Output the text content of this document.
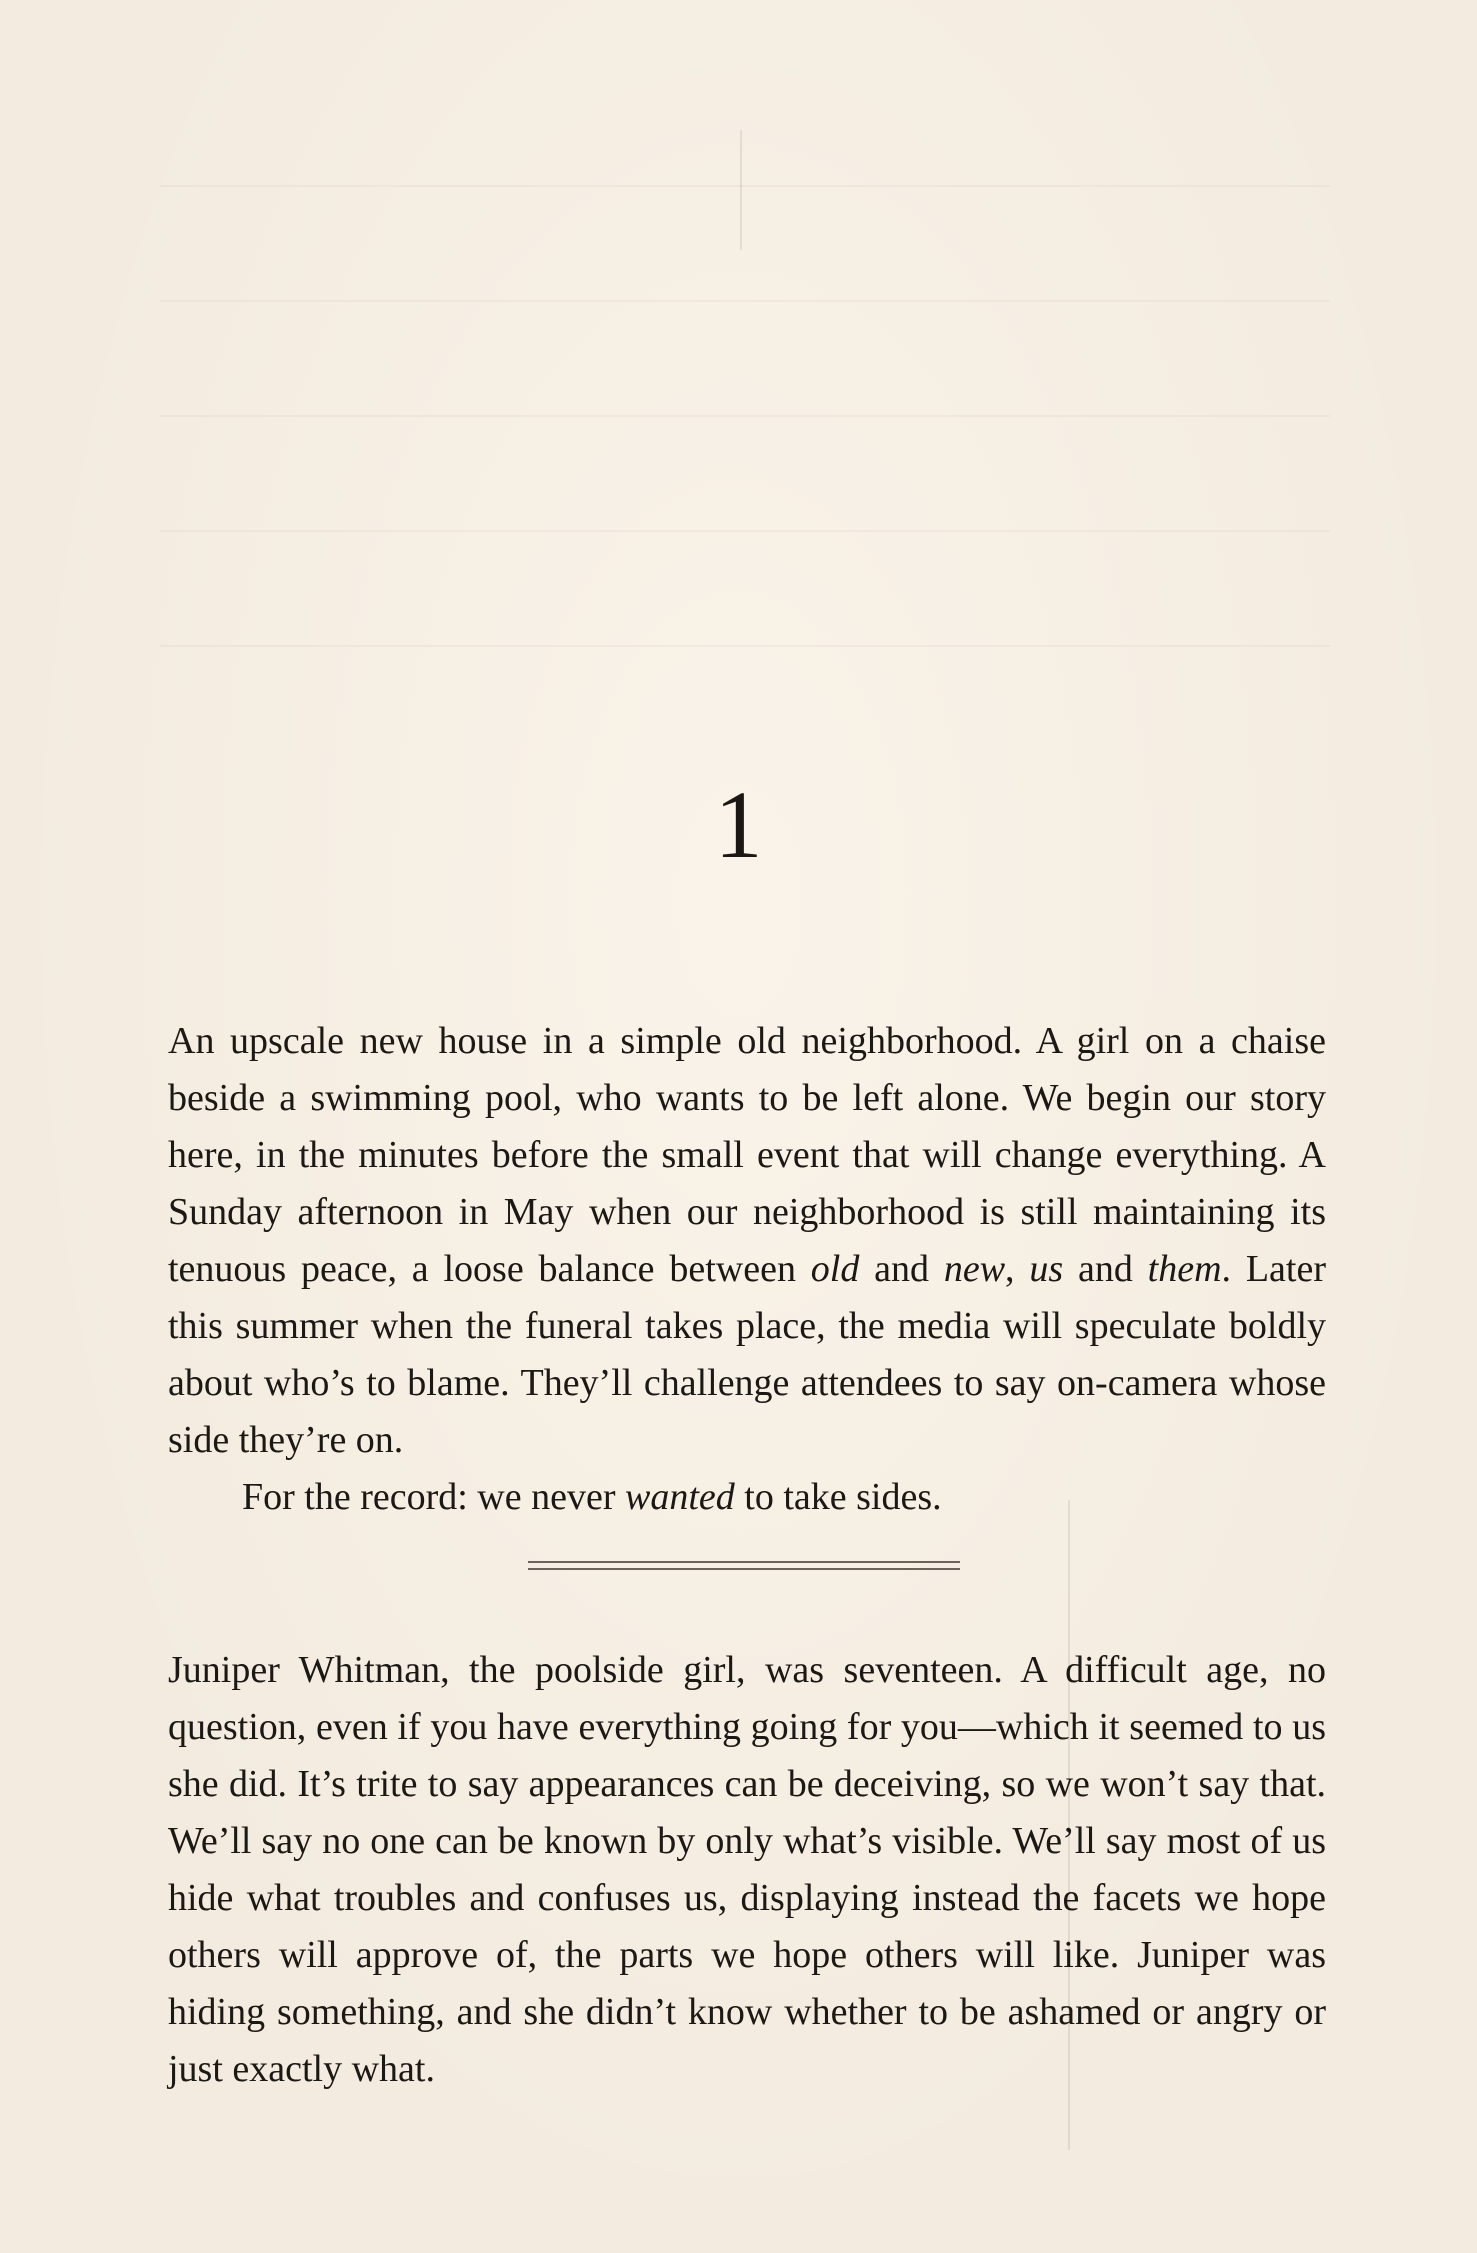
1

An upscale new house in a simple old neighborhood. A girl on a chaise beside a swimming pool, who wants to be left alone. We begin our story here, in the minutes before the small event that will change everything. A Sunday afternoon in May when our neighborhood is still maintaining its tenuous peace, a loose balance between old and new, us and them. Later this summer when the funeral takes place, the media will speculate boldly about who’s to blame. They’ll challenge attendees to say on-camera whose side they’re on.

For the record: we never wanted to take sides.

Juniper Whitman, the poolside girl, was seventeen. A difficult age, no question, even if you have everything going for you—which it seemed to us she did. It’s trite to say appearances can be deceiving, so we won’t say that. We’ll say no one can be known by only what’s visible. We’ll say most of us hide what troubles and confuses us, displaying instead the facets we hope others will approve of, the parts we hope others will like. Juniper was hiding something, and she didn’t know whether to be ashamed or angry or just exactly what.
